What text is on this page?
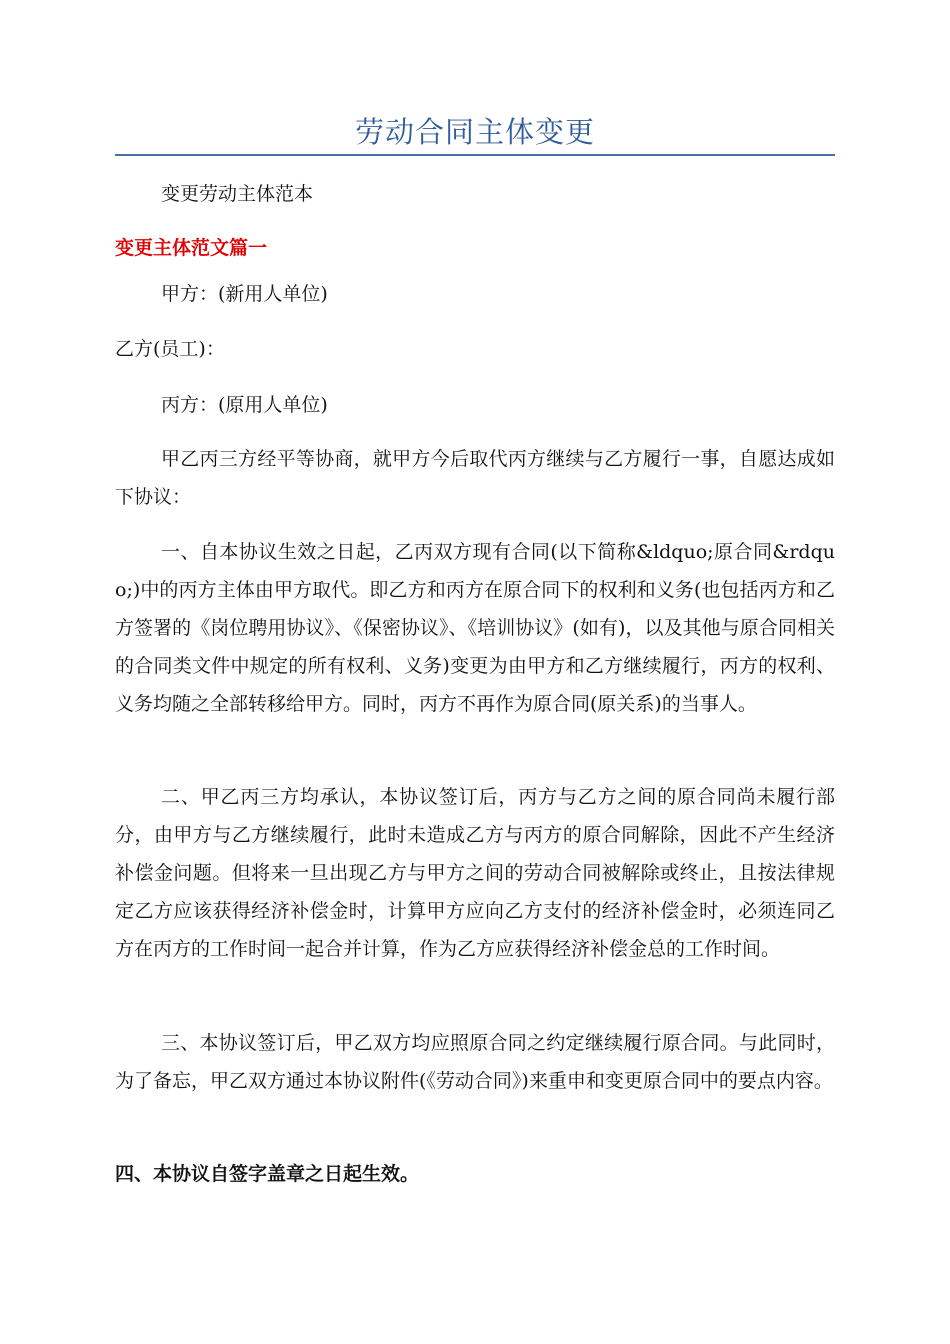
劳动合同主体变更

变更劳动主体范本

变更主体范文篇一

甲方：(新用人单位)

乙方(员工)：

丙方：(原用人单位)

甲乙丙三方经平等协商，就甲方今后取代丙方继续与乙方履行一事，自愿达成如下协议：

一、自本协议生效之日起，乙丙双方现有合同(以下简称&ldquo;原合同&rdquo;)中的丙方主体由甲方取代。即乙方和丙方在原合同下的权利和义务(也包括丙方和乙方签署的《岗位聘用协议》、《保密协议》、《培训协议》(如有)，以及其他与原合同相关的合同类文件中规定的所有权利、义务)变更为由甲方和乙方继续履行，丙方的权利、义务均随之全部转移给甲方。同时，丙方不再作为原合同(原关系)的当事人。

二、甲乙丙三方均承认，本协议签订后，丙方与乙方之间的原合同尚未履行部分，由甲方与乙方继续履行，此时未造成乙方与丙方的原合同解除，因此不产生经济补偿金问题。但将来一旦出现乙方与甲方之间的劳动合同被解除或终止，且按法律规定乙方应该获得经济补偿金时，计算甲方应向乙方支付的经济补偿金时，必须连同乙方在丙方的工作时间一起合并计算，作为乙方应获得经济补偿金总的工作时间。

三、本协议签订后，甲乙双方均应照原合同之约定继续履行原合同。与此同时，为了备忘，甲乙双方通过本协议附件(《劳动合同》)来重申和变更原合同中的要点内容。

四、本协议自签字盖章之日起生效。
